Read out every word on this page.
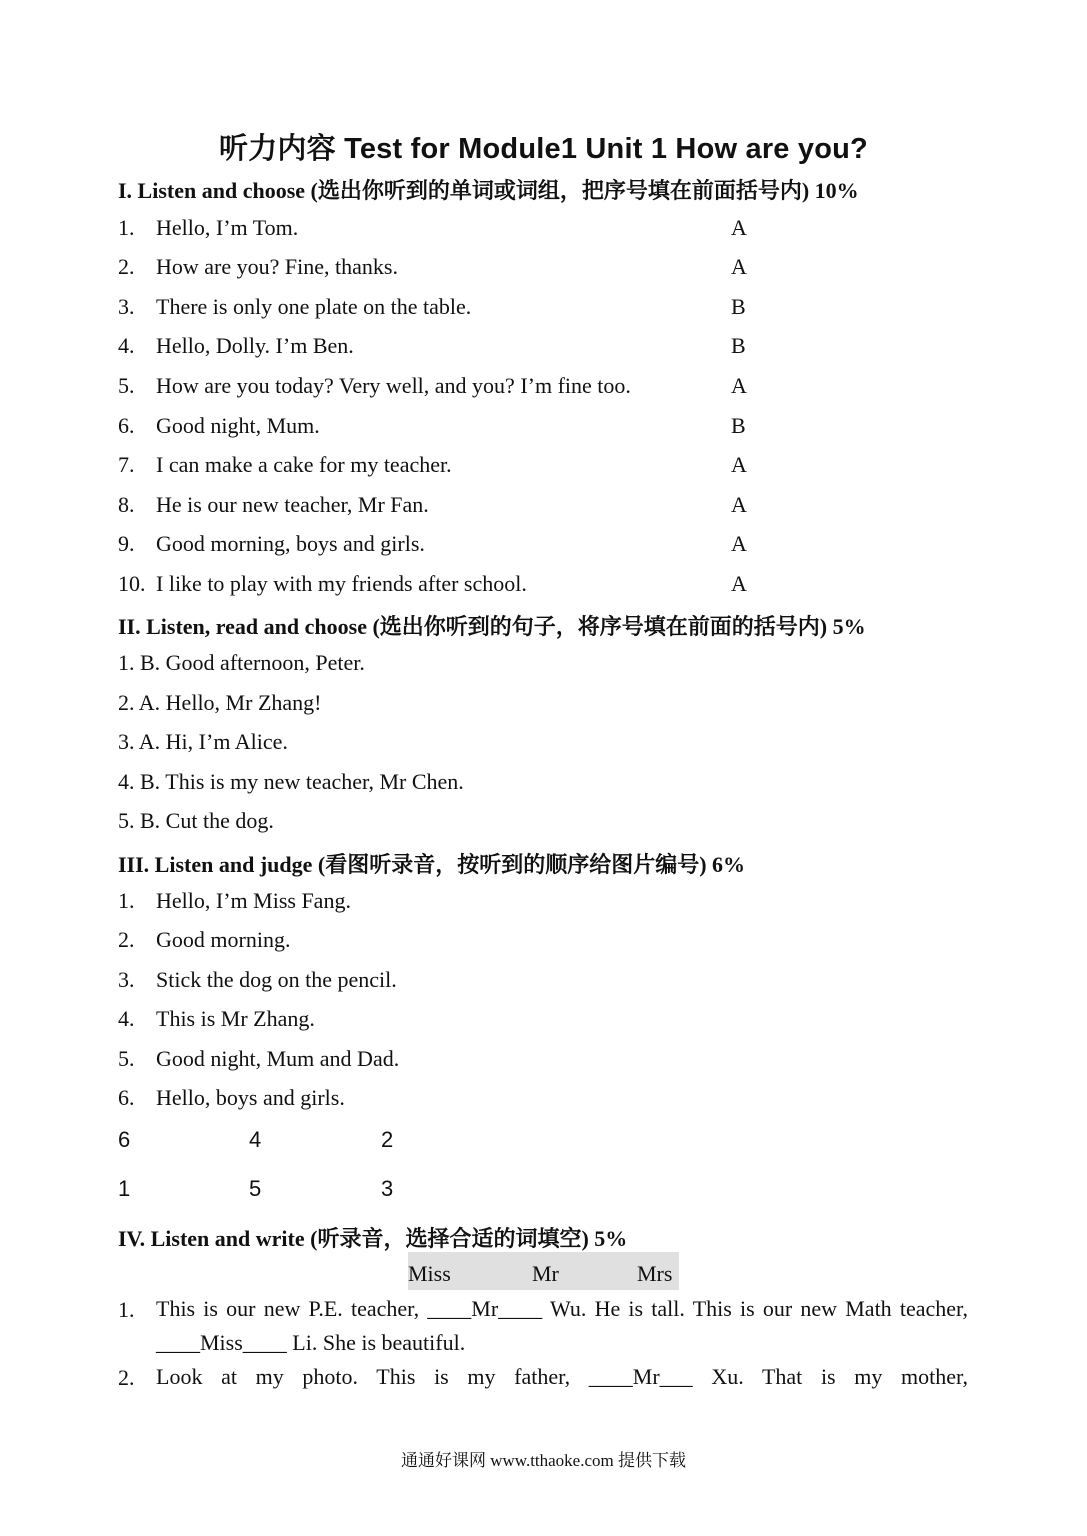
听力内容 Test for Module1 Unit 1 How are you?
I. Listen and choose (选出你听到的单词或词组，把序号填在前面括号内) 10%
1. Hello, I’m Tom.	A
2. How are you? Fine, thanks.	A
3. There is only one plate on the table.	B
4. Hello, Dolly. I’m Ben.	B
5. How are you today? Very well, and you? I’m fine too.	A
6. Good night, Mum.	B
7. I can make a cake for my teacher.	A
8. He is our new teacher, Mr Fan.	A
9. Good morning, boys and girls.	A
10. I like to play with my friends after school.	A
II. Listen, read and choose (选出你听到的句子，将序号填在前面的括号内) 5%
1. B. Good afternoon, Peter.
2. A. Hello, Mr Zhang!
3. A. Hi, I’m Alice.
4. B. This is my new teacher, Mr Chen.
5. B. Cut the dog.
III. Listen and judge (看图听录音，按听到的顺序给图片编号) 6%
1. Hello, I’m Miss Fang.
2. Good morning.
3. Stick the dog on the pencil.
4. This is Mr Zhang.
5. Good night, Mum and Dad.
6. Hello, boys and girls.
6	4	2
1	5	3
IV. Listen and write (听录音，选择合适的词填空) 5%
Miss	Mr	Mrs
1. This is our new P.E. teacher, ____Mr____ Wu. He is tall. This is our new Math teacher, ____Miss____ Li. She is beautiful.
2. Look at my photo. This is my father, ____Mr___ Xu. That is my mother,
通通好课网 www.tthaoke.com 提供下载
